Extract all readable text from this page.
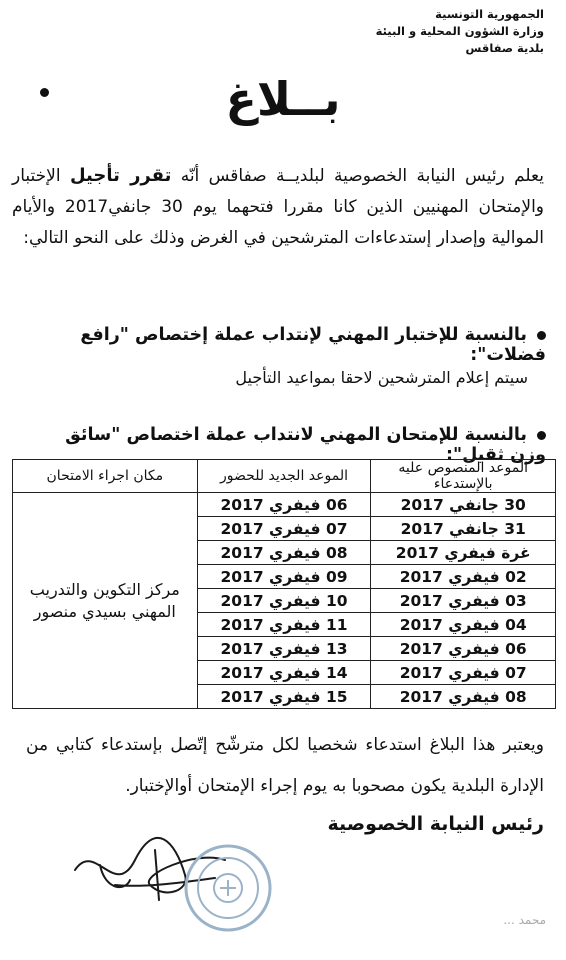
الجمهورية التونسية
وزارة الشؤون المحلية و البيئة
بلدية صفاقس
بــلاغ
يعلم رئيس النيابة الخصوصية لبلديــة صفاقس أنّه تقرر تأجيل الإختبار والإمتحان المهنيين الذين كانا مقررا فتحهما يوم 30 جانفي2017 والأيام الموالية وإصدار إستدعاءات المترشحين في الغرض وذلك على النحو التالي:
بالنسبة للإختبار المهني لإنتداب عملة إختصاص "رافع فضلات":
سيتم إعلام المترشحين لاحقا بمواعيد التأجيل
بالنسبة للإمتحان المهني لانتداب عملة اختصاص "سائق وزن ثقيل":
الموعد المنصوص عليه بالإستدعاء	الموعد الجديد للحضور	مكان اجراء الامتحان
30 جانفي 2017	06 فيفري 2017	مركز التكوين والتدريب المهني بسيدي منصور
31 جانفي 2017	07 فيفري 2017	
غرة فيفري 2017	08 فيفري 2017	
02 فيفري 2017	09 فيفري 2017	
03 فيفري 2017	10 فيفري 2017	
04 فيفري 2017	11 فيفري 2017	
06 فيفري 2017	13 فيفري 2017	
07 فيفري 2017	14 فيفري 2017	
08 فيفري 2017	15 فيفري 2017	
ويعتبر هذا البلاغ استدعاء شخصيا لكل مترشّح إتّصل بإستدعاء كتابي من الإدارة البلدية يكون مصحوبا به يوم إجراء الإمتحان أوالإختبار.
رئيس النيابة الخصوصية
محمد ...
